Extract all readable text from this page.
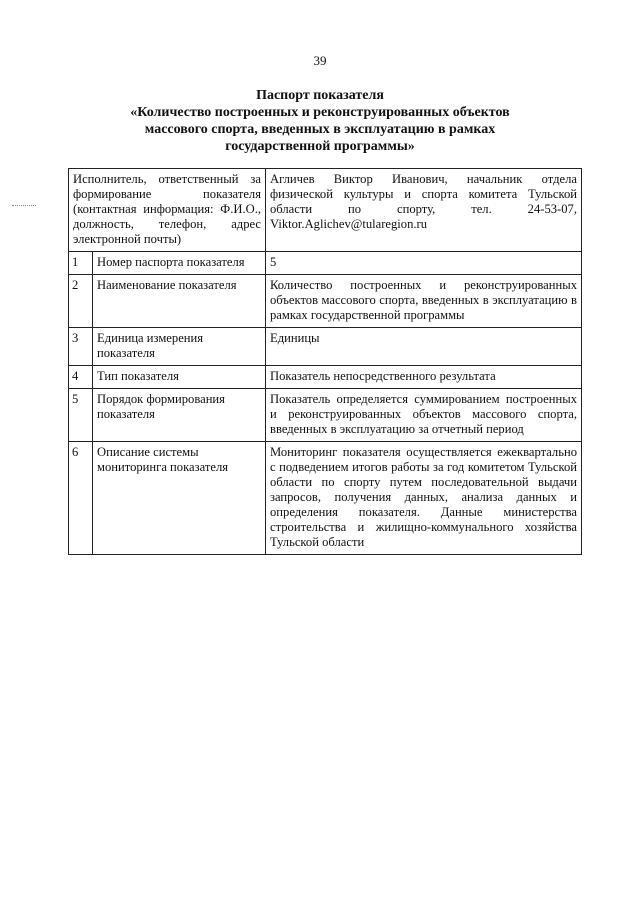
39
Паспорт показателя
«Количество построенных и реконструированных объектов
массового спорта, введенных в эксплуатацию в рамках
государственной программы»
Исполнитель, ответственный за формирование показателя (контактная информация: Ф.И.О., должность, телефон, адрес электронной почты)		Агличев Виктор Иванович, начальник отдела физической культуры и спорта комитета Тульской области по спорту, тел. 24-53-07, Viktor.Aglichev@tularegion.ru
1	Номер паспорта показателя	5
2	Наименование показателя	Количество построенных и реконструированных объектов массового спорта, введенных в эксплуатацию в рамках государственной программы
3	Единица измерения показателя	Единицы
4	Тип показателя	Показатель непосредственного результата
5	Порядок формирования показателя	Показатель определяется суммированием построенных и реконструированных объектов массового спорта, введенных в эксплуатацию за отчетный период
6	Описание системы мониторинга показателя	Мониторинг показателя осуществляется ежеквартально с подведением итогов работы за год комитетом Тульской области по спорту путем последовательной выдачи запросов, получения данных, анализа данных и определения показателя. Данные министерства строительства и жилищно-коммунального хозяйства Тульской области
